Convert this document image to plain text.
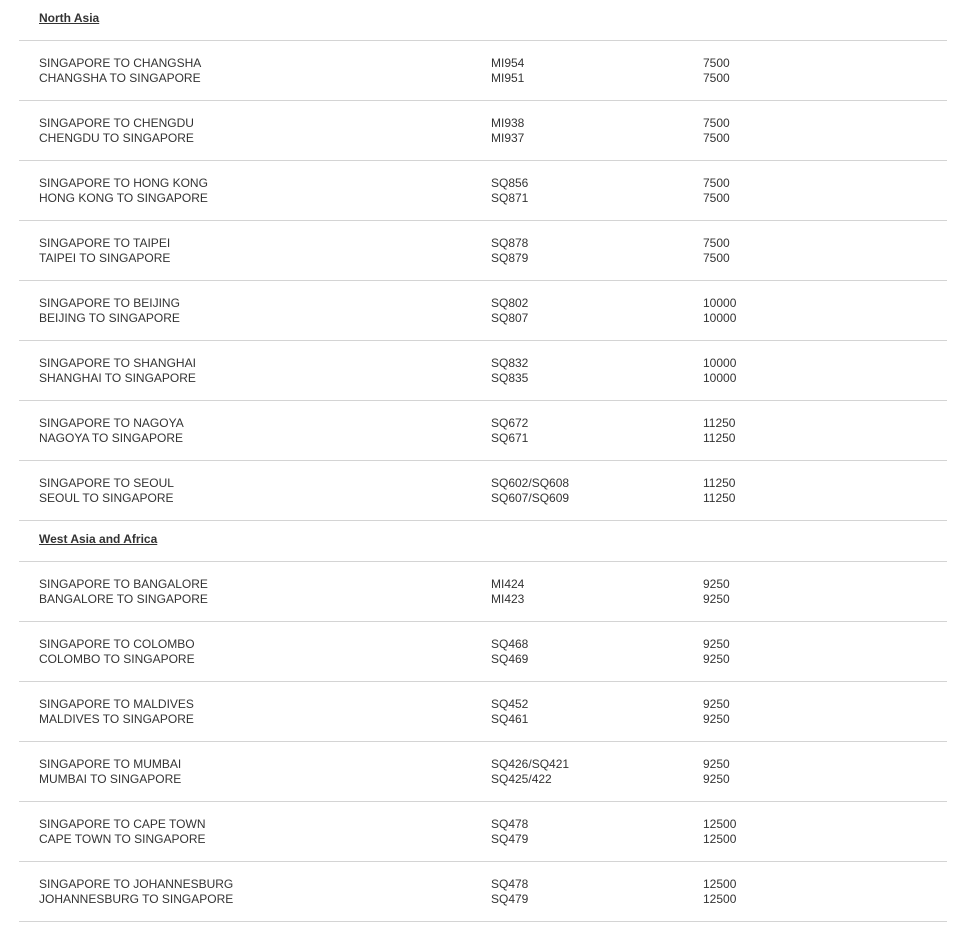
North Asia
SINGAPORE TO CHANGSHA
CHANGSHA TO SINGAPORE
MI954
MI951
7500
7500
SINGAPORE TO CHENGDU
CHENGDU TO SINGAPORE
MI938
MI937
7500
7500
SINGAPORE TO HONG KONG
HONG KONG TO SINGAPORE
SQ856
SQ871
7500
7500
SINGAPORE TO TAIPEI
TAIPEI TO SINGAPORE
SQ878
SQ879
7500
7500
SINGAPORE TO BEIJING
BEIJING TO SINGAPORE
SQ802
SQ807
10000
10000
SINGAPORE TO SHANGHAI
SHANGHAI TO SINGAPORE
SQ832
SQ835
10000
10000
SINGAPORE TO NAGOYA
NAGOYA TO SINGAPORE
SQ672
SQ671
11250
11250
SINGAPORE TO SEOUL
SEOUL TO SINGAPORE
SQ602/SQ608
SQ607/SQ609
11250
11250
West Asia and Africa
SINGAPORE TO BANGALORE
BANGALORE TO SINGAPORE
MI424
MI423
9250
9250
SINGAPORE TO COLOMBO
COLOMBO TO SINGAPORE
SQ468
SQ469
9250
9250
SINGAPORE TO MALDIVES
MALDIVES TO SINGAPORE
SQ452
SQ461
9250
9250
SINGAPORE TO MUMBAI
MUMBAI TO SINGAPORE
SQ426/SQ421
SQ425/422
9250
9250
SINGAPORE TO CAPE TOWN
CAPE TOWN TO SINGAPORE
SQ478
SQ479
12500
12500
SINGAPORE TO JOHANNESBURG
JOHANNESBURG TO SINGAPORE
SQ478
SQ479
12500
12500
